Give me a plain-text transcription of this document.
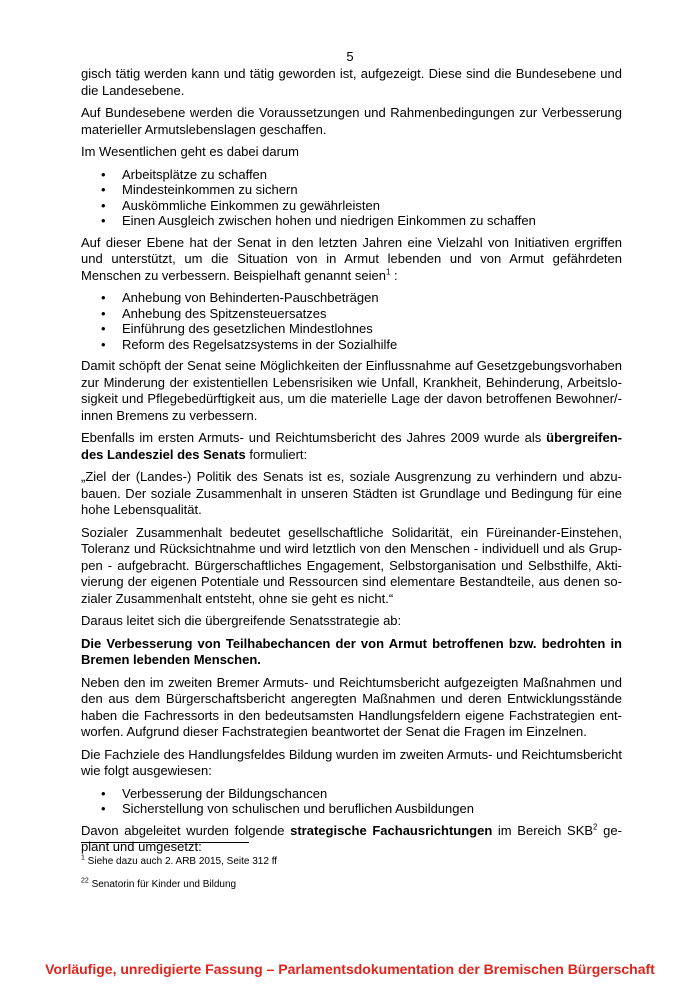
5

gisch tätig werden kann und tätig geworden ist, aufgezeigt. Diese sind die Bundesebene und die Landesebene.

Auf Bundesebene werden die Voraussetzungen und Rahmenbedingungen zur Verbesserung materieller Armutslebenslagen geschaffen.

Im Wesentlichen geht es dabei darum

• Arbeitsplätze zu schaffen
• Mindesteinkommen zu sichern
• Auskömmliche Einkommen zu gewährleisten
• Einen Ausgleich zwischen hohen und niedrigen Einkommen zu schaffen

Auf dieser Ebene hat der Senat in den letzten Jahren eine Vielzahl von Initiativen ergriffen und unterstützt, um die Situation von in Armut lebenden und von Armut gefährdeten Menschen zu verbessern. Beispielhaft genannt seien$^1$ :

• Anhebung von Behinderten-Pauschbeträgen
• Anhebung des Spitzensteuersatzes
• Einführung des gesetzlichen Mindestlohnes
• Reform des Regelsatzsystems in der Sozialhilfe

Damit schöpft der Senat seine Möglichkeiten der Einflussnahme auf Gesetzgebungsvorhaben zur Minderung der existentiellen Lebensrisiken wie Unfall, Krankheit, Behinderung, Arbeitslosigkeit und Pflegebedürftigkeit aus, um die materielle Lage der davon betroffenen Bewohner/-innen Bremens zu verbessern.

Ebenfalls im ersten Armuts- und Reichtumsbericht des Jahres 2009 wurde als übergreifendes Landesziel des Senats formuliert:

„Ziel der (Landes-) Politik des Senats ist es, soziale Ausgrenzung zu verhindern und abzubauen. Der soziale Zusammenhalt in unseren Städten ist Grundlage und Bedingung für eine hohe Lebensqualität.

Sozialer Zusammenhalt bedeutet gesellschaftliche Solidarität, ein Füreinander-Einstehen, Toleranz und Rücksichtnahme und wird letztlich von den Menschen - individuell und als Gruppen - aufgebracht. Bürgerschaftliches Engagement, Selbstorganisation und Selbsthilfe, Aktivierung der eigenen Potentiale und Ressourcen sind elementare Bestandteile, aus denen sozialer Zusammenhalt entsteht, ohne sie geht es nicht.“

Daraus leitet sich die übergreifende Senatsstrategie ab:

Die Verbesserung von Teilhabechancen der von Armut betroffenen bzw. bedrohten in Bremen lebenden Menschen.

Neben den im zweiten Bremer Armuts- und Reichtumsbericht aufgezeigten Maßnahmen und den aus dem Bürgerschaftsbericht angeregten Maßnahmen und deren Entwicklungsstände haben die Fachressorts in den bedeutsamsten Handlungsfeldern eigene Fachstrategien entworfen. Aufgrund dieser Fachstrategien beantwortet der Senat die Fragen im Einzelnen.

Die Fachziele des Handlungsfeldes Bildung wurden im zweiten Armuts- und Reichtumsbericht wie folgt ausgewiesen:

• Verbesserung der Bildungschancen
• Sicherstellung von schulischen und beruflichen Ausbildungen

Davon abgeleitet wurden folgende strategische Fachausrichtungen im Bereich SKB$^2$ geplant und umgesetzt:

$^1$ Siehe dazu auch 2. ARB 2015, Seite 312 ff
$^{22}$ Senatorin für Kinder und Bildung
Vorläufige, unredigierte Fassung – Parlamentsdokumentation der Bremischen Bürgerschaft
